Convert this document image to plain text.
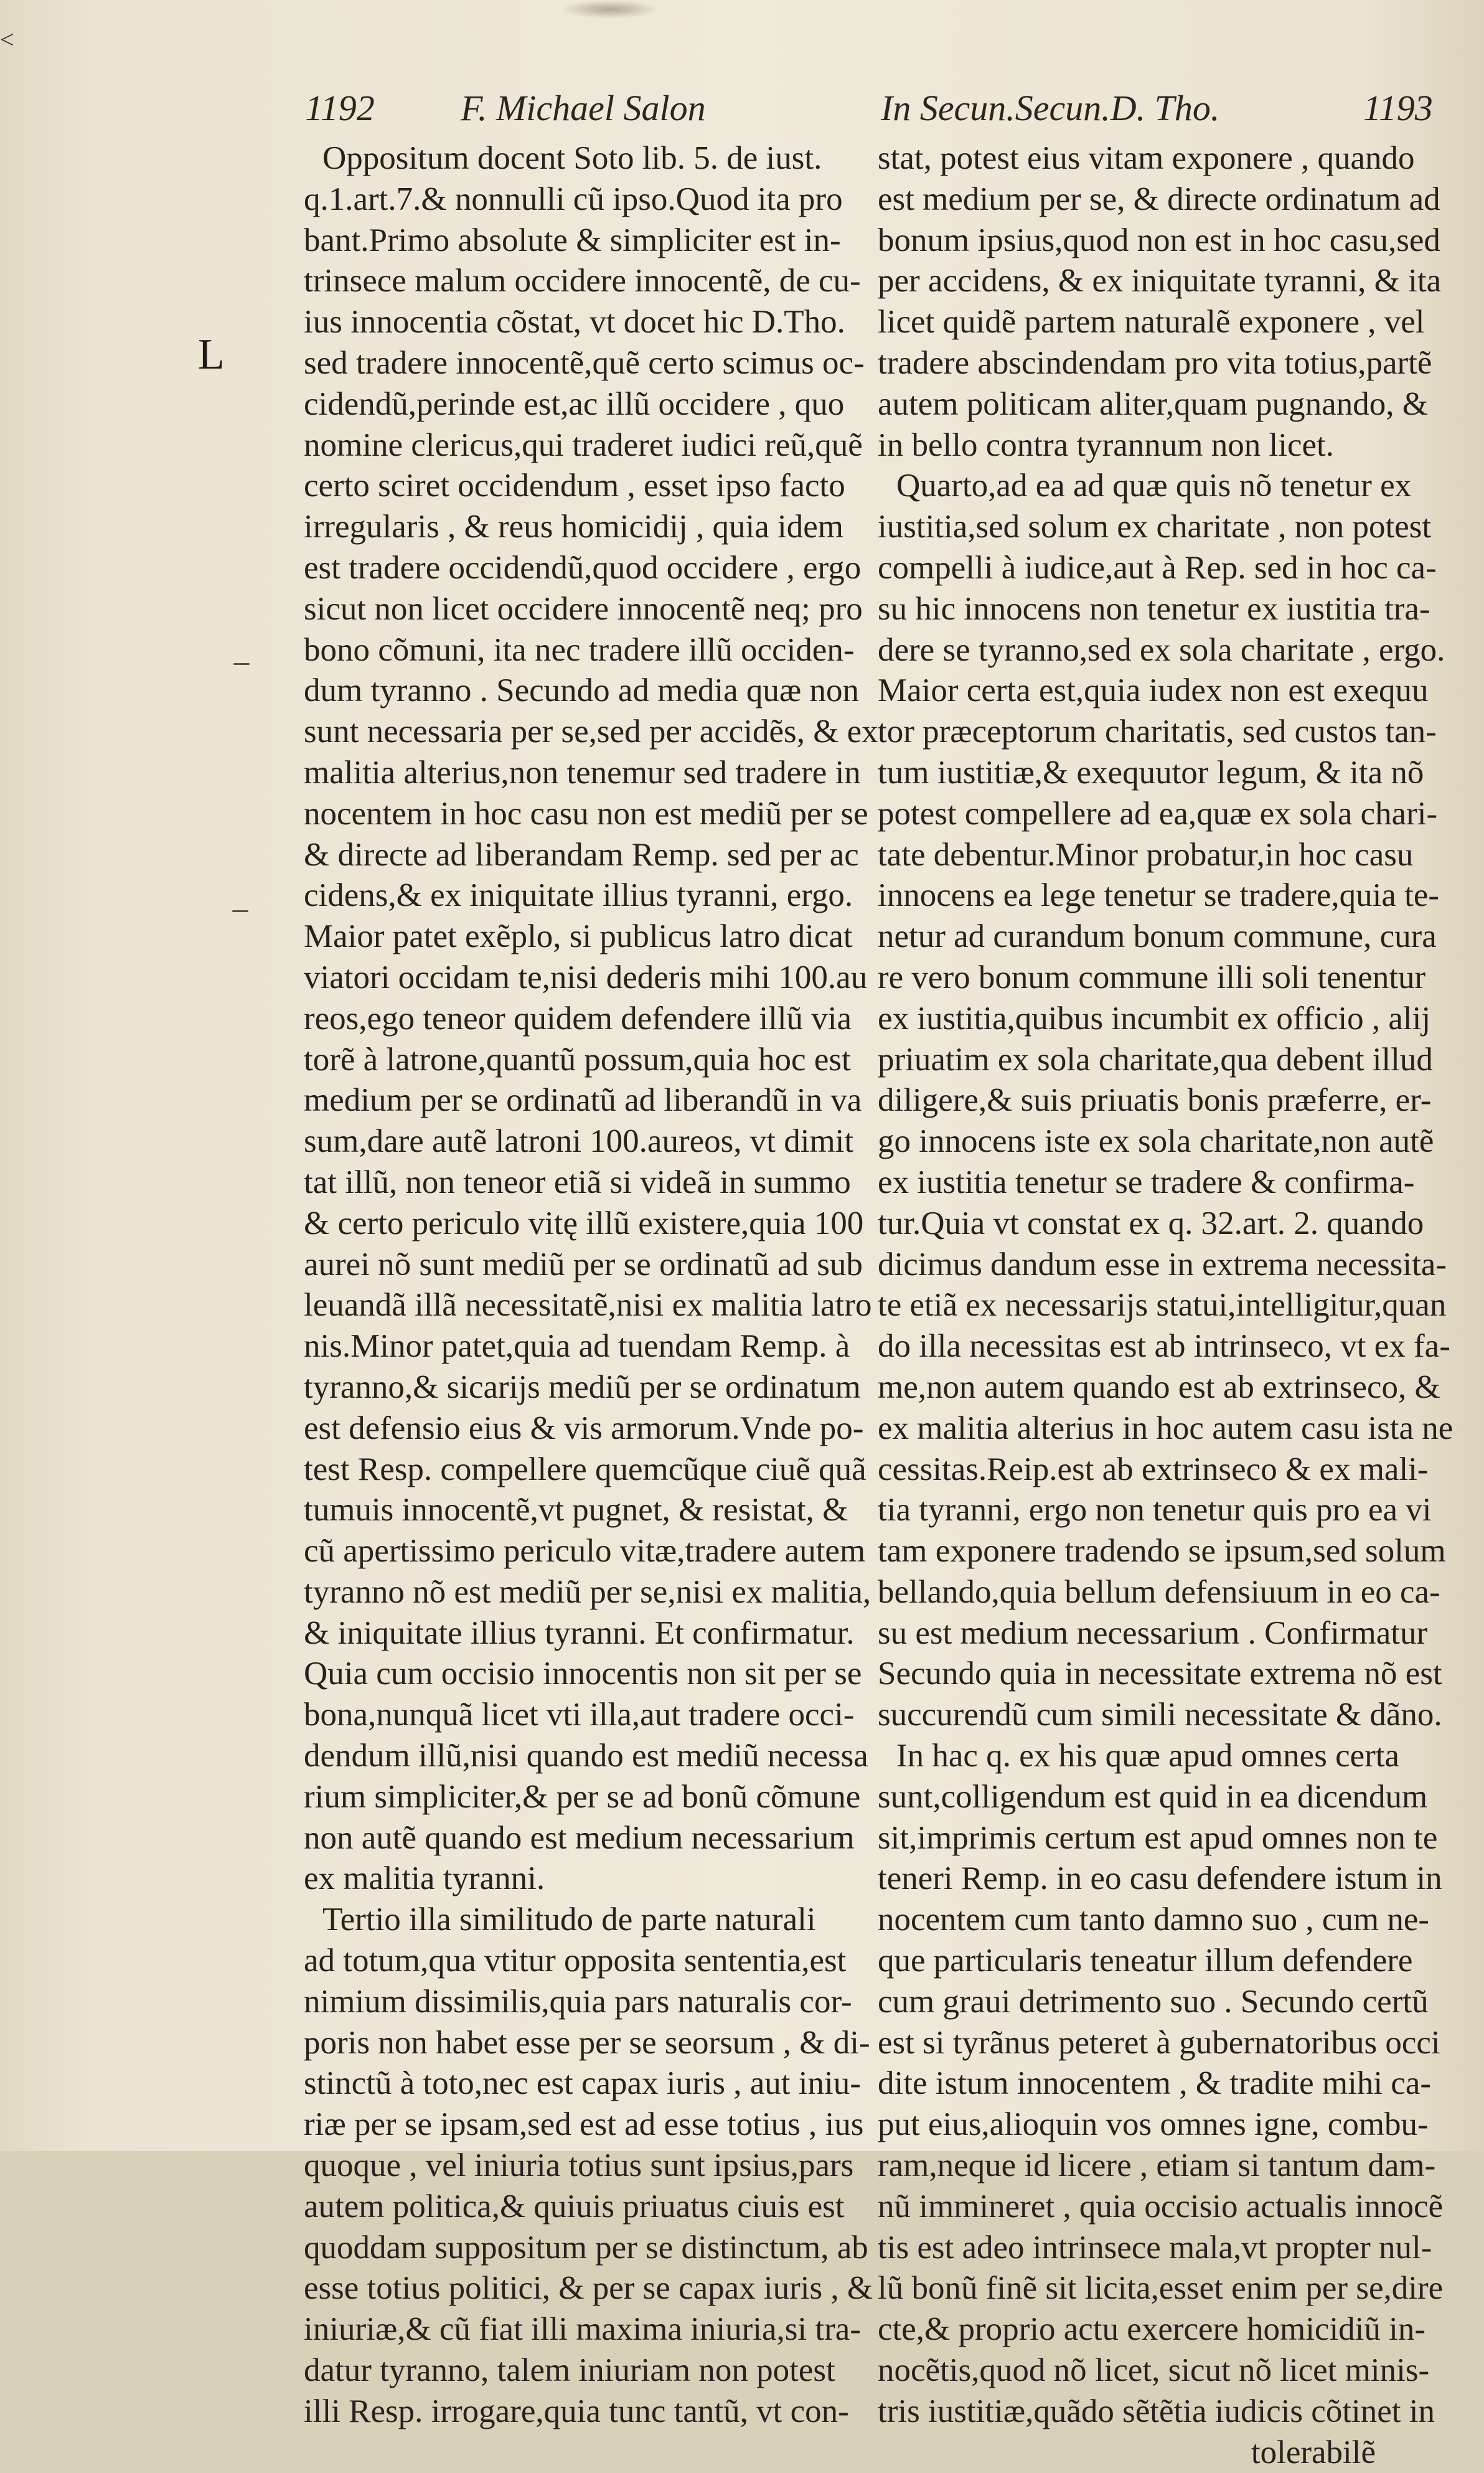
<
1192 F. Michael Salon	In Secun.Secun.D. Tho.	1193
L
Oppositum docent Soto lib. 5. de iust.
q.1.art.7.& nonnulli cũ ipso.Quod ita pro
bant.Primo absolute & simpliciter est in-
trinsece malum occidere innocentẽ, de cu-
ius innocentia cõstat, vt docet hic D.Tho.
sed tradere innocentẽ,quẽ certo scimus oc-
cidendũ,perinde est,ac illũ occidere , quo
nomine clericus,qui traderet iudici reũ,quẽ
certo sciret occidendum , esset ipso facto
irregularis , & reus homicidij , quia idem
est tradere occidendũ,quod occidere , ergo
sicut non licet occidere innocentẽ neq; pro
bono cõmuni, ita nec tradere illũ occiden-
dum tyranno . Secundo ad media quæ non
sunt necessaria per se,sed per accidẽs, & ex
malitia alterius,non tenemur sed tradere in
nocentem in hoc casu non est mediũ per se
& directe ad liberandam Remp. sed per ac
cidens,& ex iniquitate illius tyranni, ergo.
Maior patet exẽplo, si publicus latro dicat
viatori occidam te,nisi dederis mihi 100.au
reos,ego teneor quidem defendere illũ via
torẽ à latrone,quantũ possum,quia hoc est
medium per se ordinatũ ad liberandũ in va
sum,dare autẽ latroni 100.aureos, vt dimit
tat illũ, non teneor etiã si videã in summo
& certo periculo vitę illũ existere,quia 100
aurei nõ sunt mediũ per se ordinatũ ad sub
leuandã illã necessitatẽ,nisi ex malitia latro
nis.Minor patet,quia ad tuendam Remp. à
tyranno,& sicarijs mediũ per se ordinatum
est defensio eius & vis armorum.Vnde po-
test Resp. compellere quemcũque ciuẽ quã
tumuis innocentẽ,vt pugnet, & resistat, &
cũ apertissimo periculo vitæ,tradere autem
tyranno nõ est mediũ per se,nisi ex malitia,
& iniquitate illius tyranni. Et confirmatur.
Quia cum occisio innocentis non sit per se
bona,nunquã licet vti illa,aut tradere occi-
dendum illũ,nisi quando est mediũ necessa
rium simpliciter,& per se ad bonũ cõmune
non autẽ quando est medium necessarium
ex malitia tyranni.
Tertio illa similitudo de parte naturali
ad totum,qua vtitur opposita sententia,est
nimium dissimilis,quia pars naturalis cor-
poris non habet esse per se seorsum , & di-
stinctũ à toto,nec est capax iuris , aut iniu-
riæ per se ipsam,sed est ad esse totius , ius
quoque , vel iniuria totius sunt ipsius,pars
autem politica,& quiuis priuatus ciuis est
quoddam suppositum per se distinctum, ab
esse totius politici, & per se capax iuris , &
iniuriæ,& cũ fiat illi maxima iniuria,si tra-
datur tyranno, talem iniuriam non potest
illi Resp. irrogare,quia tunc tantũ, vt con-
stat, potest eius vitam exponere , quando
est medium per se, & directe ordinatum ad
bonum ipsius,quod non est in hoc casu,sed
per accidens, & ex iniquitate tyranni, & ita
licet quidẽ partem naturalẽ exponere , vel
tradere abscindendam pro vita totius,partẽ
autem politicam aliter,quam pugnando, &
in bello contra tyrannum non licet.
Quarto,ad ea ad quæ quis nõ tenetur ex
iustitia,sed solum ex charitate , non potest
compelli à iudice,aut à Rep. sed in hoc ca-
su hic innocens non tenetur ex iustitia tra-
dere se tyranno,sed ex sola charitate , ergo.
Maior certa est,quia iudex non est exequu
tor præceptorum charitatis, sed custos tan-
tum iustitiæ,& exequutor legum, & ita nõ
potest compellere ad ea,quæ ex sola chari-
tate debentur.Minor probatur,in hoc casu
innocens ea lege tenetur se tradere,quia te-
netur ad curandum bonum commune, cura
re vero bonum commune illi soli tenentur
ex iustitia,quibus incumbit ex officio , alij
priuatim ex sola charitate,qua debent illud
diligere,& suis priuatis bonis præferre, er-
go innocens iste ex sola charitate,non autẽ
ex iustitia tenetur se tradere & confirma-
tur.Quia vt constat ex q. 32.art. 2. quando
dicimus dandum esse in extrema necessita-
te etiã ex necessarijs statui,intelligitur,quan
do illa necessitas est ab intrinseco, vt ex fa-
me,non autem quando est ab extrinseco, &
ex malitia alterius in hoc autem casu ista ne
cessitas.Reip.est ab extrinseco & ex mali-
tia tyranni, ergo non tenetur quis pro ea vi
tam exponere tradendo se ipsum,sed solum
bellando,quia bellum defensiuum in eo ca-
su est medium necessarium . Confirmatur
Secundo quia in necessitate extrema nõ est
succurendũ cum simili necessitate & dãno.
In hac q. ex his quæ apud omnes certa
sunt,colligendum est quid in ea dicendum
sit,imprimis certum est apud omnes non te
teneri Remp. in eo casu defendere istum in
nocentem cum tanto damno suo , cum ne-
que particularis teneatur illum defendere
cum graui detrimento suo . Secundo certũ
est si tyrãnus peteret à gubernatoribus occi
dite istum innocentem , & tradite mihi ca-
put eius,alioquin vos omnes igne, combu-
ram,neque id licere , etiam si tantum dam-
nũ immineret , quia occisio actualis innocẽ
tis est adeo intrinsece mala,vt propter nul-
lũ bonũ finẽ sit licita,esset enim per se,dire
cte,& proprio actu exercere homicidiũ in-
nocẽtis,quod nõ licet, sicut nõ licet minis-
tris iustitiæ,quãdo sẽtẽtia iudicis cõtinet in
tolerabilẽ
